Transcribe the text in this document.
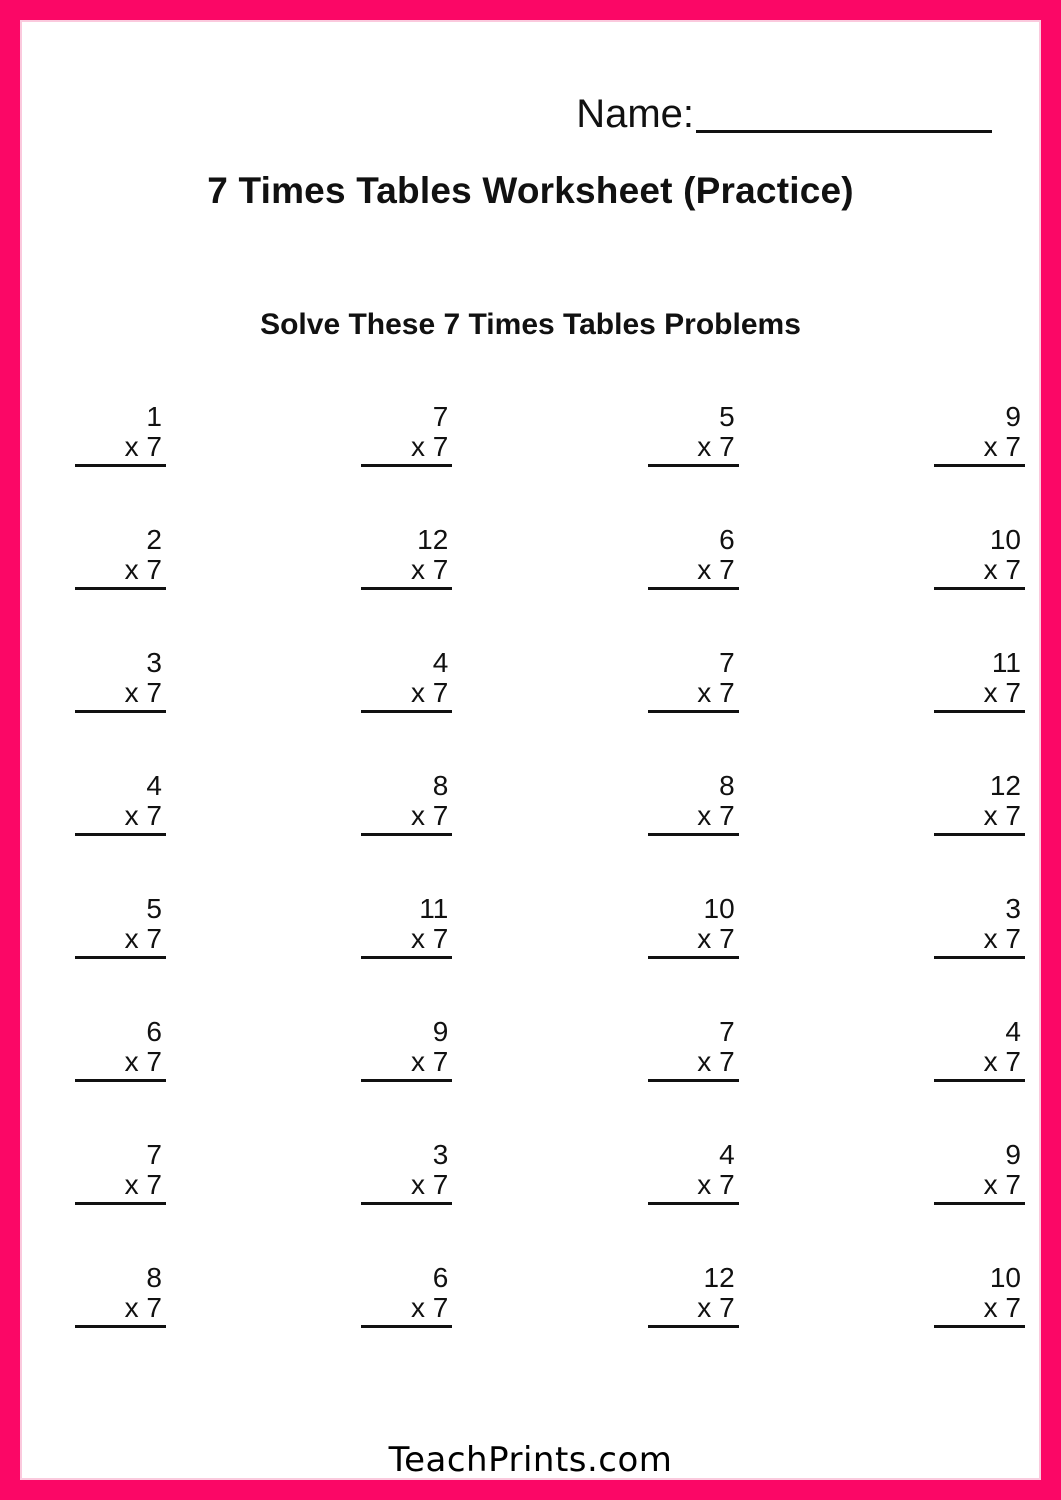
Name:
7 Times Tables Worksheet (Practice)
Solve These 7 Times Tables Problems
1
x 7
7
x 7
5
x 7
9
x 7
2
x 7
12
x 7
6
x 7
10
x 7
3
x 7
4
x 7
7
x 7
11
x 7
4
x 7
8
x 7
8
x 7
12
x 7
5
x 7
11
x 7
10
x 7
3
x 7
6
x 7
9
x 7
7
x 7
4
x 7
7
x 7
3
x 7
4
x 7
9
x 7
8
x 7
6
x 7
12
x 7
10
x 7
TeachPrints.com
